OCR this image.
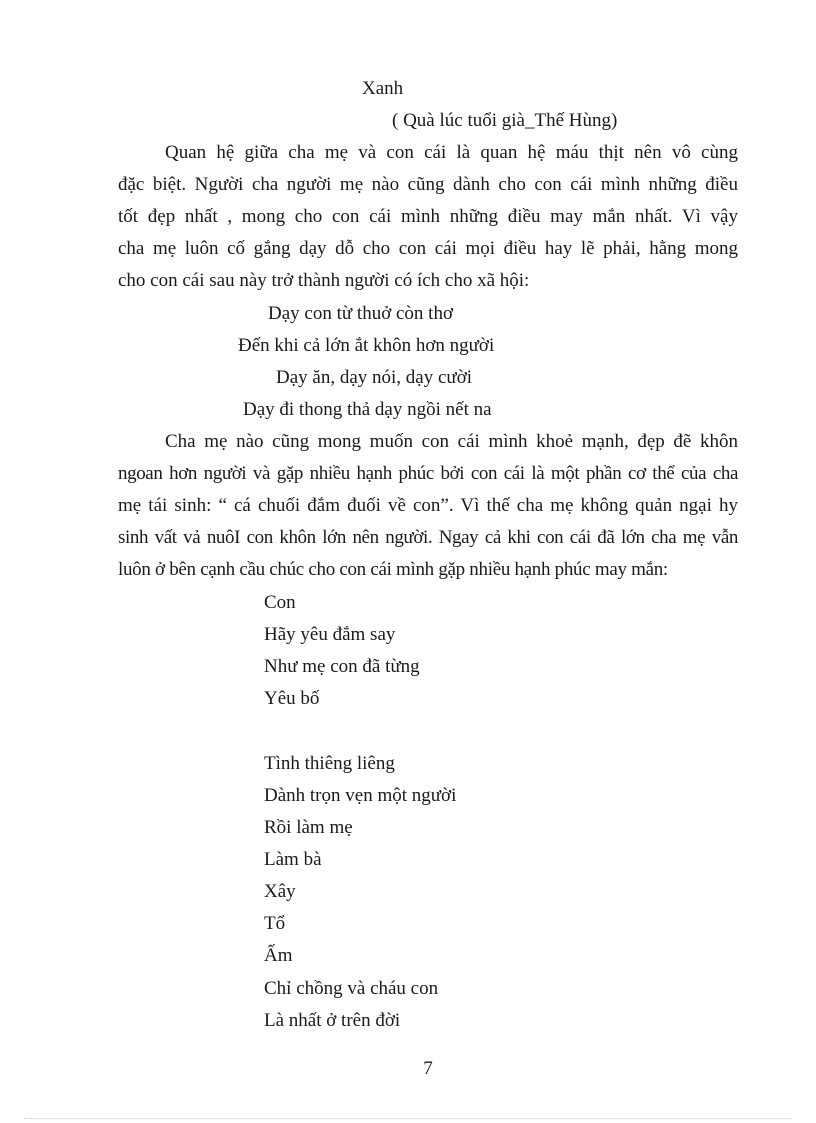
Xanh
( Quà lúc tuổi già_Thế Hùng)
Quan hệ giữa cha mẹ và con cái là quan hệ máu thịt nên vô cùng
đặc biệt. Người cha người mẹ nào cũng dành cho con cái mình những điều
tốt đẹp nhất , mong cho con cái mình những điều may mắn nhất. Vì vậy
cha mẹ luôn cố gắng dạy dỗ cho con cái mọi điều hay lẽ phải, hằng mong
cho con cái sau này trở thành người có ích cho xã hội:
Dạy con từ thuở còn thơ
Đến khi cả lớn ắt khôn hơn người
Dạy ăn, dạy nói, dạy cười
Dạy đi thong thả dạy ngồi nết na
Cha mẹ nào cũng mong muốn con cái mình khoẻ mạnh, đẹp đẽ khôn
ngoan hơn người và gặp nhiều hạnh phúc bởi con cái là một phần cơ thể của cha
mẹ tái sinh: “ cá chuối đắm đuối về con”. Vì thế cha mẹ không quản ngại hy
sinh vất vả nuôI con khôn lớn nên người. Ngay cả khi con cái đã lớn cha mẹ vẫn
luôn ở bên cạnh cầu chúc cho con cái mình gặp nhiều hạnh phúc may mắn:
Con
Hãy yêu đắm say
Như mẹ con đã từng
Yêu bố
Tình thiêng liêng
Dành trọn vẹn một người
Rồi làm mẹ
Làm bà
Xây
Tổ
Ấm
Chỉ chồng và cháu con
Là nhất ở trên đời
7
